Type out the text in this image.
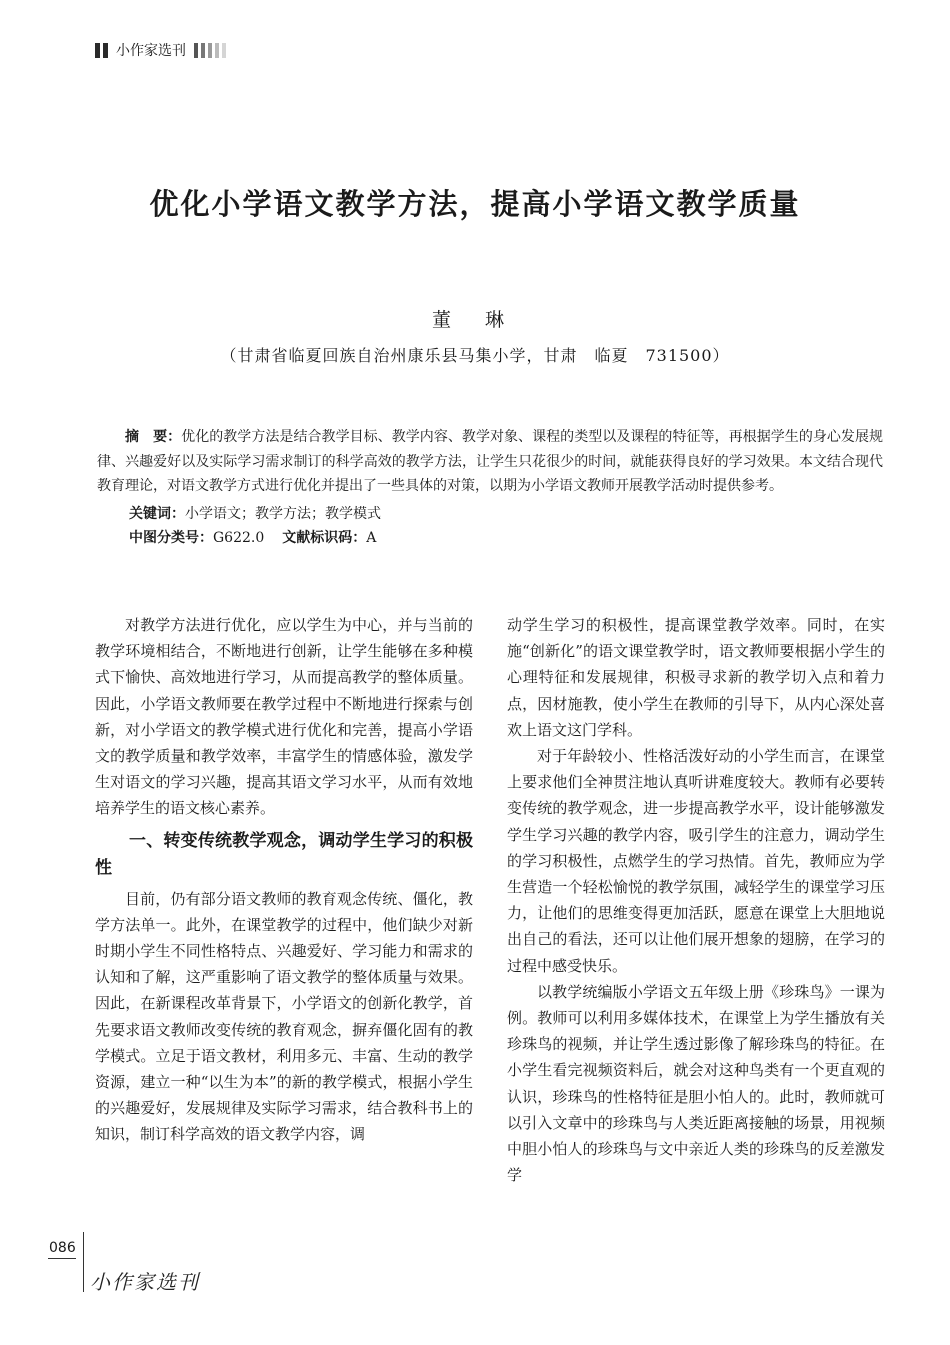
小作家选刊
优化小学语文教学方法，提高小学语文教学质量
董 琳
（甘肃省临夏回族自治州康乐县马集小学，甘肃　临夏　731500）

摘　要：优化的教学方法是结合教学目标、教学内容、教学对象、课程的类型以及课程的特征等，再根据学生的身心发展规律、兴趣爱好以及实际学习需求制订的科学高效的教学方法，让学生只花很少的时间，就能获得良好的学习效果。本文结合现代教育理论，对语文教学方式进行优化并提出了一些具体的对策，以期为小学语文教师开展教学活动时提供参考。

关键词：小学语文；教学方法；教学模式
中图分类号：G622.0 文献标识码：A

对教学方法进行优化，应以学生为中心，并与当前的教学环境相结合，不断地进行创新，让学生能够在多种模式下愉快、高效地进行学习，从而提高教学的整体质量。因此，小学语文教师要在教学过程中不断地进行探索与创新，对小学语文的教学模式进行优化和完善，提高小学语文的教学质量和教学效率，丰富学生的情感体验，激发学生对语文的学习兴趣，提高其语文学习水平，从而有效地培养学生的语文核心素养。

一、转变传统教学观念，调动学生学习的积极性

目前，仍有部分语文教师的教育观念传统、僵化，教学方法单一。此外，在课堂教学的过程中，他们缺少对新时期小学生不同性格特点、兴趣爱好、学习能力和需求的认知和了解，这严重影响了语文教学的整体质量与效果。因此，在新课程改革背景下，小学语文的创新化教学，首先要求语文教师改变传统的教育观念，摒弃僵化固有的教学模式。立足于语文教材，利用多元、丰富、生动的教学资源，建立一种“以生为本”的新的教学模式，根据小学生的兴趣爱好，发展规律及实际学习需求，结合教科书上的知识，制订科学高效的语文教学内容，调

动学生学习的积极性，提高课堂教学效率。同时，在实施“创新化”的语文课堂教学时，语文教师要根据小学生的心理特征和发展规律，积极寻求新的教学切入点和着力点，因材施教，使小学生在教师的引导下，从内心深处喜欢上语文这门学科。

对于年龄较小、性格活泼好动的小学生而言，在课堂上要求他们全神贯注地认真听讲难度较大。教师有必要转变传统的教学观念，进一步提高教学水平，设计能够激发学生学习兴趣的教学内容，吸引学生的注意力，调动学生的学习积极性，点燃学生的学习热情。首先，教师应为学生营造一个轻松愉悦的教学氛围，减轻学生的课堂学习压力，让他们的思维变得更加活跃，愿意在课堂上大胆地说出自己的看法，还可以让他们展开想象的翅膀，在学习的过程中感受快乐。

以教学统编版小学语文五年级上册《珍珠鸟》一课为例。教师可以利用多媒体技术，在课堂上为学生播放有关珍珠鸟的视频，并让学生透过影像了解珍珠鸟的特征。在小学生看完视频资料后，就会对这种鸟类有一个更直观的认识，珍珠鸟的性格特征是胆小怕人的。此时，教师就可以引入文章中的珍珠鸟与人类近距离接触的场景，用视频中胆小怕人的珍珠鸟与文中亲近人类的珍珠鸟的反差激发学

086
小作家选刊
